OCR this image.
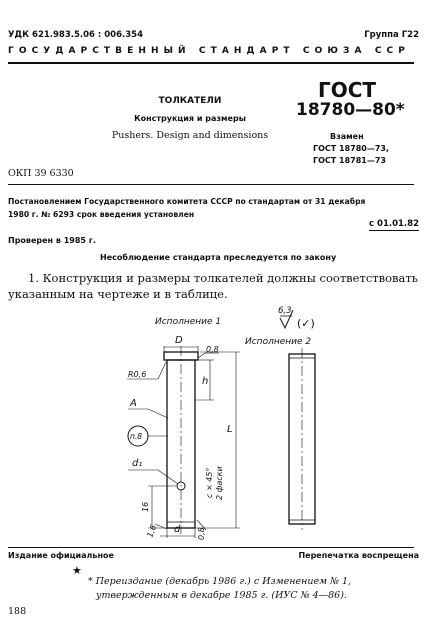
УДК 621.983.5.06 : 006.354	Группа Г22
ГОСУДАРСТВЕННЫЙ СТАНДАРТ СОЮЗА ССР
ТОЛКАТЕЛИ
Конструкция и размеры
Pushers. Design and dimensions
ГОСТ
18780—80*
Взамен
ГОСТ 18780—73,
ГОСТ 18781—73
ОКП 39 6330
Постановлением Государственного комитета СССР по стандартам от 31 декабря
1980 г. № 6293 срок введения установлен
с 01.01.82
Проверен в 1985 г.
Несоблюдение стандарта преследуется по закону
1. Конструкция и размеры толкателей должны соответствовать
указанным на чертеже и в таблице.
Исполнение 1
Исполнение 2
6,3
(✓)
D
0,8
R0,6
h
L
A
п.8
d₁
c × 45° 2 фаски
16
1,6 d 0,8
Издание официальное	Перепечатка воспрещена
★
* Переиздание (декабрь 1986 г.) с Изменением № 1,
утвержденным в декабре 1985 г. (ИУС № 4—86).
188
